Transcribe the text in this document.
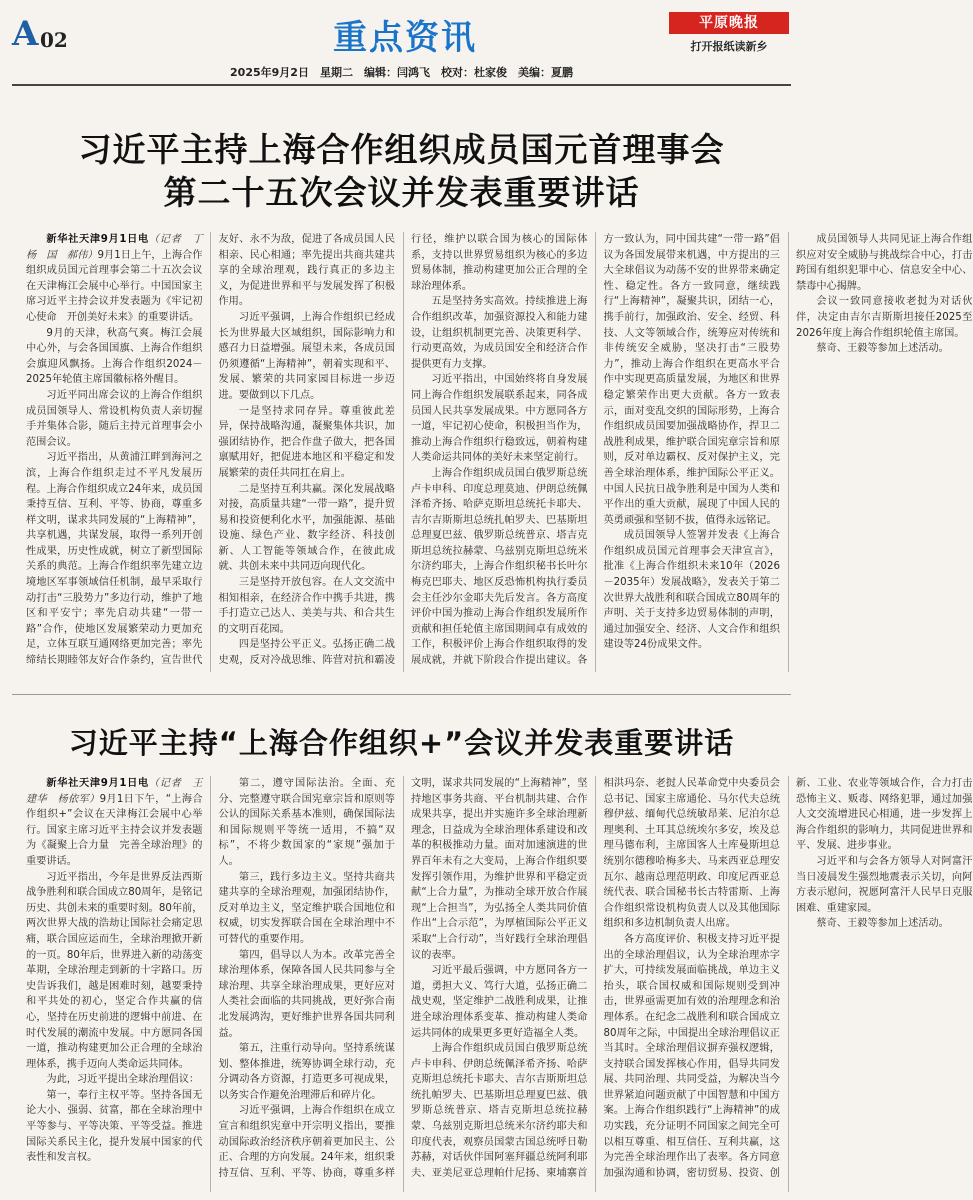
A 02	重点资讯	平原晚报
打开报纸读新乡
2025年9月2日　星期二　编辑：闫鸿飞　校对：杜家俊　美编：夏鹏
习近平主持上海合作组织成员国元首理事会
第二十五次会议并发表重要讲话

新华社天津9月1日电（记者　丁杨　国　郝伟）9月1日上午，上海合作组织成员国元首理事会第二十五次会议在天津梅江会展中心举行。中国国家主席习近平主持会议并发表题为《牢记初心使命　开创美好未来》的重要讲话。

9月的天津，秋高气爽。梅江会展中心外，与会各国国旗、上海合作组织会旗迎风飘扬。上海合作组织2024－2025年轮值主席国徽标格外醒目。

习近平同出席会议的上海合作组织成员国领导人、常设机构负责人亲切握手并集体合影，随后主持元首理事会小范围会议。

习近平指出，从黄浦江畔到海河之滨，上海合作组织走过不平凡发展历程。上海合作组织成立24年来，成员国秉持互信、互利、平等、协商，尊重多样文明，谋求共同发展的“上海精神”，共享机遇，共谋发展，取得一系列开创性成果，历史性成就，树立了新型国际关系的典范。上海合作组织率先建立边境地区军事领域信任机制，最早采取行动打击“三股势力”多边行动，维护了地区和平安宁；率先启动共建“一带一路”合作，使地区发展繁荣动力更加充足，立体互联互通网络更加完善；率先缔结长期睦邻友好合作条约，宣告世代友好、永不为敌，促进了各成员国人民相亲、民心相通；率先提出共商共建共享的全球治理观，践行真正的多边主义，为促进世界和平与发展发挥了积极作用。

习近平强调，上海合作组织已经成长为世界最大区域组织，国际影响力和感召力日益增强。展望未来，各成员国仍须遵循“上海精神”，朝着实现和平、发展、繁荣的共同家园目标进一步迈进。要做到以下几点。

一是坚持求同存异。尊重彼此差异，保持战略沟通，凝聚集体共识，加强团结协作，把合作盘子做大，把各国禀赋用好，把促进本地区和平稳定和发展繁荣的责任共同扛在肩上。

二是坚持互利共赢。深化发展战略对接，高质量共建“一带一路”，提升贸易和投资便利化水平，加强能源、基础设施、绿色产业、数字经济、科技创新、人工智能等领域合作，在彼此成就、共创未来中共同迈向现代化。

三是坚持开放包容。在人文交流中相知相亲，在经济合作中携手共进，携手打造立己达人、美美与共、和合共生的文明百花园。

四是坚持公平正义。弘扬正确二战史观，反对冷战思维、阵营对抗和霸凌行径，维护以联合国为核心的国际体系，支持以世界贸易组织为核心的多边贸易体制，推动构建更加公正合理的全球治理体系。

五是坚持务实高效。持续推进上海合作组织改革，加强资源投入和能力建设，让组织机制更完善、决策更科学、行动更高效，为成员国安全和经济合作提供更有力支撑。

习近平指出，中国始终将自身发展同上海合作组织发展联系起来，同各成员国人民共享发展成果。中方愿同各方一道，牢记初心使命，积极担当作为，推动上海合作组织行稳致远，朝着构建人类命运共同体的美好未来坚定前行。

上海合作组织成员国白俄罗斯总统卢卡申科、印度总理莫迪、伊朗总统佩泽希齐扬、哈萨克斯坦总统托卡耶夫、吉尔吉斯斯坦总统扎帕罗夫、巴基斯坦总理夏巴兹、俄罗斯总统普京、塔吉克斯坦总统拉赫蒙、乌兹别克斯坦总统米尔济约耶夫，上海合作组织秘书长叶尔梅克巴耶夫、地区反恐怖机构执行委员会主任沙尔金耶夫先后发言。各方高度评价中国为推动上海合作组织发展所作贡献和担任轮值主席国期间卓有成效的工作，积极评价上海合作组织取得的发展成就，并就下阶段合作提出建议。各方一致认为，同中国共建“一带一路”倡议为各国发展带来机遇，中方提出的三大全球倡议为动荡不安的世界带来确定性、稳定性。各方一致同意，继续践行“上海精神”，凝聚共识，团结一心，携手前行，加强政治、安全、经贸、科技、人文等领域合作，统筹应对传统和非传统安全威胁，坚决打击“三股势力”，推动上海合作组织在更高水平合作中实现更高质量发展，为地区和世界稳定繁荣作出更大贡献。各方一致表示，面对变乱交织的国际形势，上海合作组织成员国要加强战略协作，捍卫二战胜利成果，维护联合国宪章宗旨和原则，反对单边霸权、反对保护主义，完善全球治理体系，维护国际公平正义。中国人民抗日战争胜利是中国为人类和平作出的重大贡献，展现了中国人民的英勇顽强和坚韧不拔，值得永远铭记。

成员国领导人签署并发表《上海合作组织成员国元首理事会天津宣言》，批准《上海合作组织未来10年（2026－2035年）发展战略》，发表关于第二次世界大战胜利和联合国成立80周年的声明、关于支持多边贸易体制的声明，通过加强安全、经济、人文合作和组织建设等24份成果文件。

成员国领导人共同见证上海合作组织应对安全威胁与挑战综合中心，打击跨国有组织犯罪中心、信息安全中心、禁毒中心揭牌。

会议一致同意接收老挝为对话伙伴，决定由吉尔吉斯斯坦接任2025至2026年度上海合作组织轮值主席国。

蔡奇、王毅等参加上述活动。

习近平主持“上海合作组织+”会议并发表重要讲话

新华社天津9月1日电（记者　王建华　杨依军）9月1日下午，“上海合作组织+”会议在天津梅江会展中心举行。国家主席习近平主持会议并发表题为《凝聚上合力量　完善全球治理》的重要讲话。

习近平指出，今年是世界反法西斯战争胜利和联合国成立80周年，是铭记历史、共创未来的重要时刻。80年前，两次世界大战的浩劫让国际社会痛定思痛，联合国应运而生，全球治理掀开新的一页。80年后，世界进入新的动荡变革期，全球治理走到新的十字路口。历史告诉我们，越是困难时刻，越要秉持和平共处的初心，坚定合作共赢的信心，坚持在历史前进的逻辑中前进、在时代发展的潮流中发展。中方愿同各国一道，推动构建更加公正合理的全球治理体系，携手迈向人类命运共同体。

为此，习近平提出全球治理倡议：

第一，奉行主权平等。坚持各国无论大小、强弱、贫富，都在全球治理中平等参与、平等决策、平等受益。推进国际关系民主化，提升发展中国家的代表性和发言权。

第二，遵守国际法治。全面、充分、完整遵守联合国宪章宗旨和原则等公认的国际关系基本准则，确保国际法和国际规则平等统一适用，不搞“双标”，不将少数国家的“家规”强加于人。

第三，践行多边主义。坚持共商共建共享的全球治理观，加强团结协作，反对单边主义，坚定维护联合国地位和权威，切实发挥联合国在全球治理中不可替代的重要作用。

第四，倡导以人为本。改革完善全球治理体系，保障各国人民共同参与全球治理、共享全球治理成果，更好应对人类社会面临的共同挑战，更好弥合南北发展鸿沟，更好维护世界各国共同利益。

第五，注重行动导向。坚持系统谋划、整体推进，统筹协调全球行动，充分调动各方资源，打造更多可视成果，以务实合作避免治理滞后和碎片化。

习近平强调，上海合作组织在成立宣言和组织宪章中开宗明义指出，要推动国际政治经济秩序朝着更加民主、公正、合理的方向发展。24年来，组织秉持互信、互利、平等、协商，尊重多样文明，谋求共同发展的“上海精神”，坚持地区事务共商、平台机制共建、合作成果共享，提出并实施许多全球治理新理念，日益成为全球治理体系建设和改革的积极推动力量。面对加速演进的世界百年未有之大变局，上海合作组织要发挥引领作用，为维护世界和平稳定贡献“上合力量”，为推动全球开放合作展现“上合担当”，为弘扬全人类共同价值作出“上合示范”，为厚植国际公平正义采取“上合行动”，当好践行全球治理倡议的表率。

习近平最后强调，中方愿同各方一道，勇担大义、笃行大道，弘扬正确二战史观，坚定维护二战胜利成果，让推进全球治理体系变革、推动构建人类命运共同体的成果更多更好造福全人类。

上海合作组织成员国白俄罗斯总统卢卡申科、伊朗总统佩泽希齐扬、哈萨克斯坦总统托卡耶夫、吉尔吉斯斯坦总统扎帕罗夫、巴基斯坦总理夏巴兹、俄罗斯总统普京、塔吉克斯坦总统拉赫蒙、乌兹别克斯坦总统米尔济约耶夫和印度代表，观察员国蒙古国总统呼日勒苏赫，对话伙伴国阿塞拜疆总统阿利耶夫、亚美尼亚总理帕什尼扬、柬埔寨首相洪玛奈、老挝人民革命党中央委员会总书记、国家主席通伦、马尔代夫总统穆伊兹、缅甸代总统敏昂莱、尼泊尔总理奥利、土耳其总统埃尔多安，埃及总理马德布利，主席国客人土库曼斯坦总统别尔德穆哈梅多夫、马来西亚总理安瓦尔、越南总理范明政、印度尼西亚总统代表、联合国秘书长古特雷斯、上海合作组织常设机构负责人以及其他国际组织和多边机制负责人出席。

各方高度评价、积极支持习近平提出的全球治理倡议，认为全球治理赤字扩大，可持续发展面临挑战，单边主义抬头，联合国权威和国际规则受到冲击，世界亟需更加有效的治理理念和治理体系。在纪念二战胜利和联合国成立80周年之际，中国提出全球治理倡议正当其时。全球治理倡议摒弃强权逻辑，支持联合国发挥核心作用，倡导共同发展、共同治理、共同受益，为解决当今世界紧迫问题贡献了中国智慧和中国方案。上海合作组织践行“上海精神”的成功实践，充分证明不同国家之间完全可以相互尊重、相互信任、互利共赢，这为完善全球治理作出了表率。各方同意加强沟通和协调，密切贸易、投资、创新、工业、农业等领域合作，合力打击恐怖主义、贩毒、网络犯罪，通过加强人文交流增进民心相通，进一步发挥上海合作组织的影响力，共同促进世界和平、发展、进步事业。

习近平和与会各方领导人对阿富汗当日凌晨发生强烈地震表示关切，向阿方表示慰问，祝愿阿富汗人民早日克服困难、重建家园。

蔡奇、王毅等参加上述活动。
